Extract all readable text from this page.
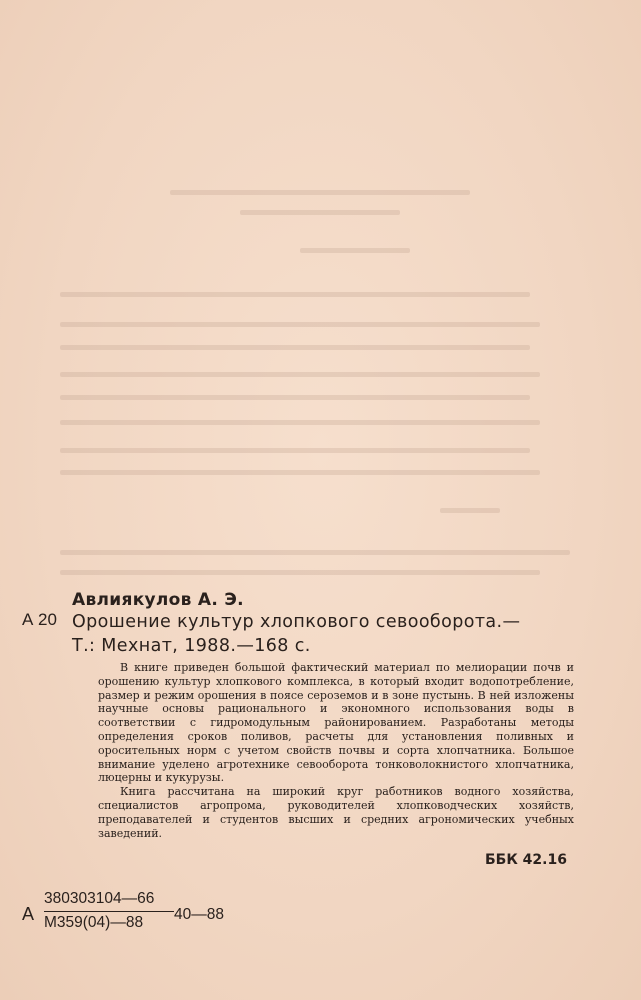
Авлиякулов А. Э.
А 20 Орошение культур хлопкового севооборота.—
Т.: Мехнат, 1988.—168 с.

В книге приведен большой фактический материал по мелиорации почв и орошению культур хлопкового комплекса, в который входит водопотребление, размер и режим орошения в поясе сероземов и в зоне пустынь. В ней изложены научные основы рационального и экономного использования воды в соответствии с гидромодульным районированием. Разработаны методы определения сроков поливов, расчеты для установления поливных и оросительных норм с учетом свойств почвы и сорта хлопчатника. Большое внимание уделено агротехнике севооборота тонковолокнистого хлопчатника, люцерны и кукурузы.

Книга рассчитана на широкий круг работников водного хозяйства, специалистов агропрома, руководителей хлопководческих хозяйств, преподавателей и студентов высших и средних агрономических учебных заведений.

ББК 42.16
А
380303104—66
М359(04)—88	40—88
